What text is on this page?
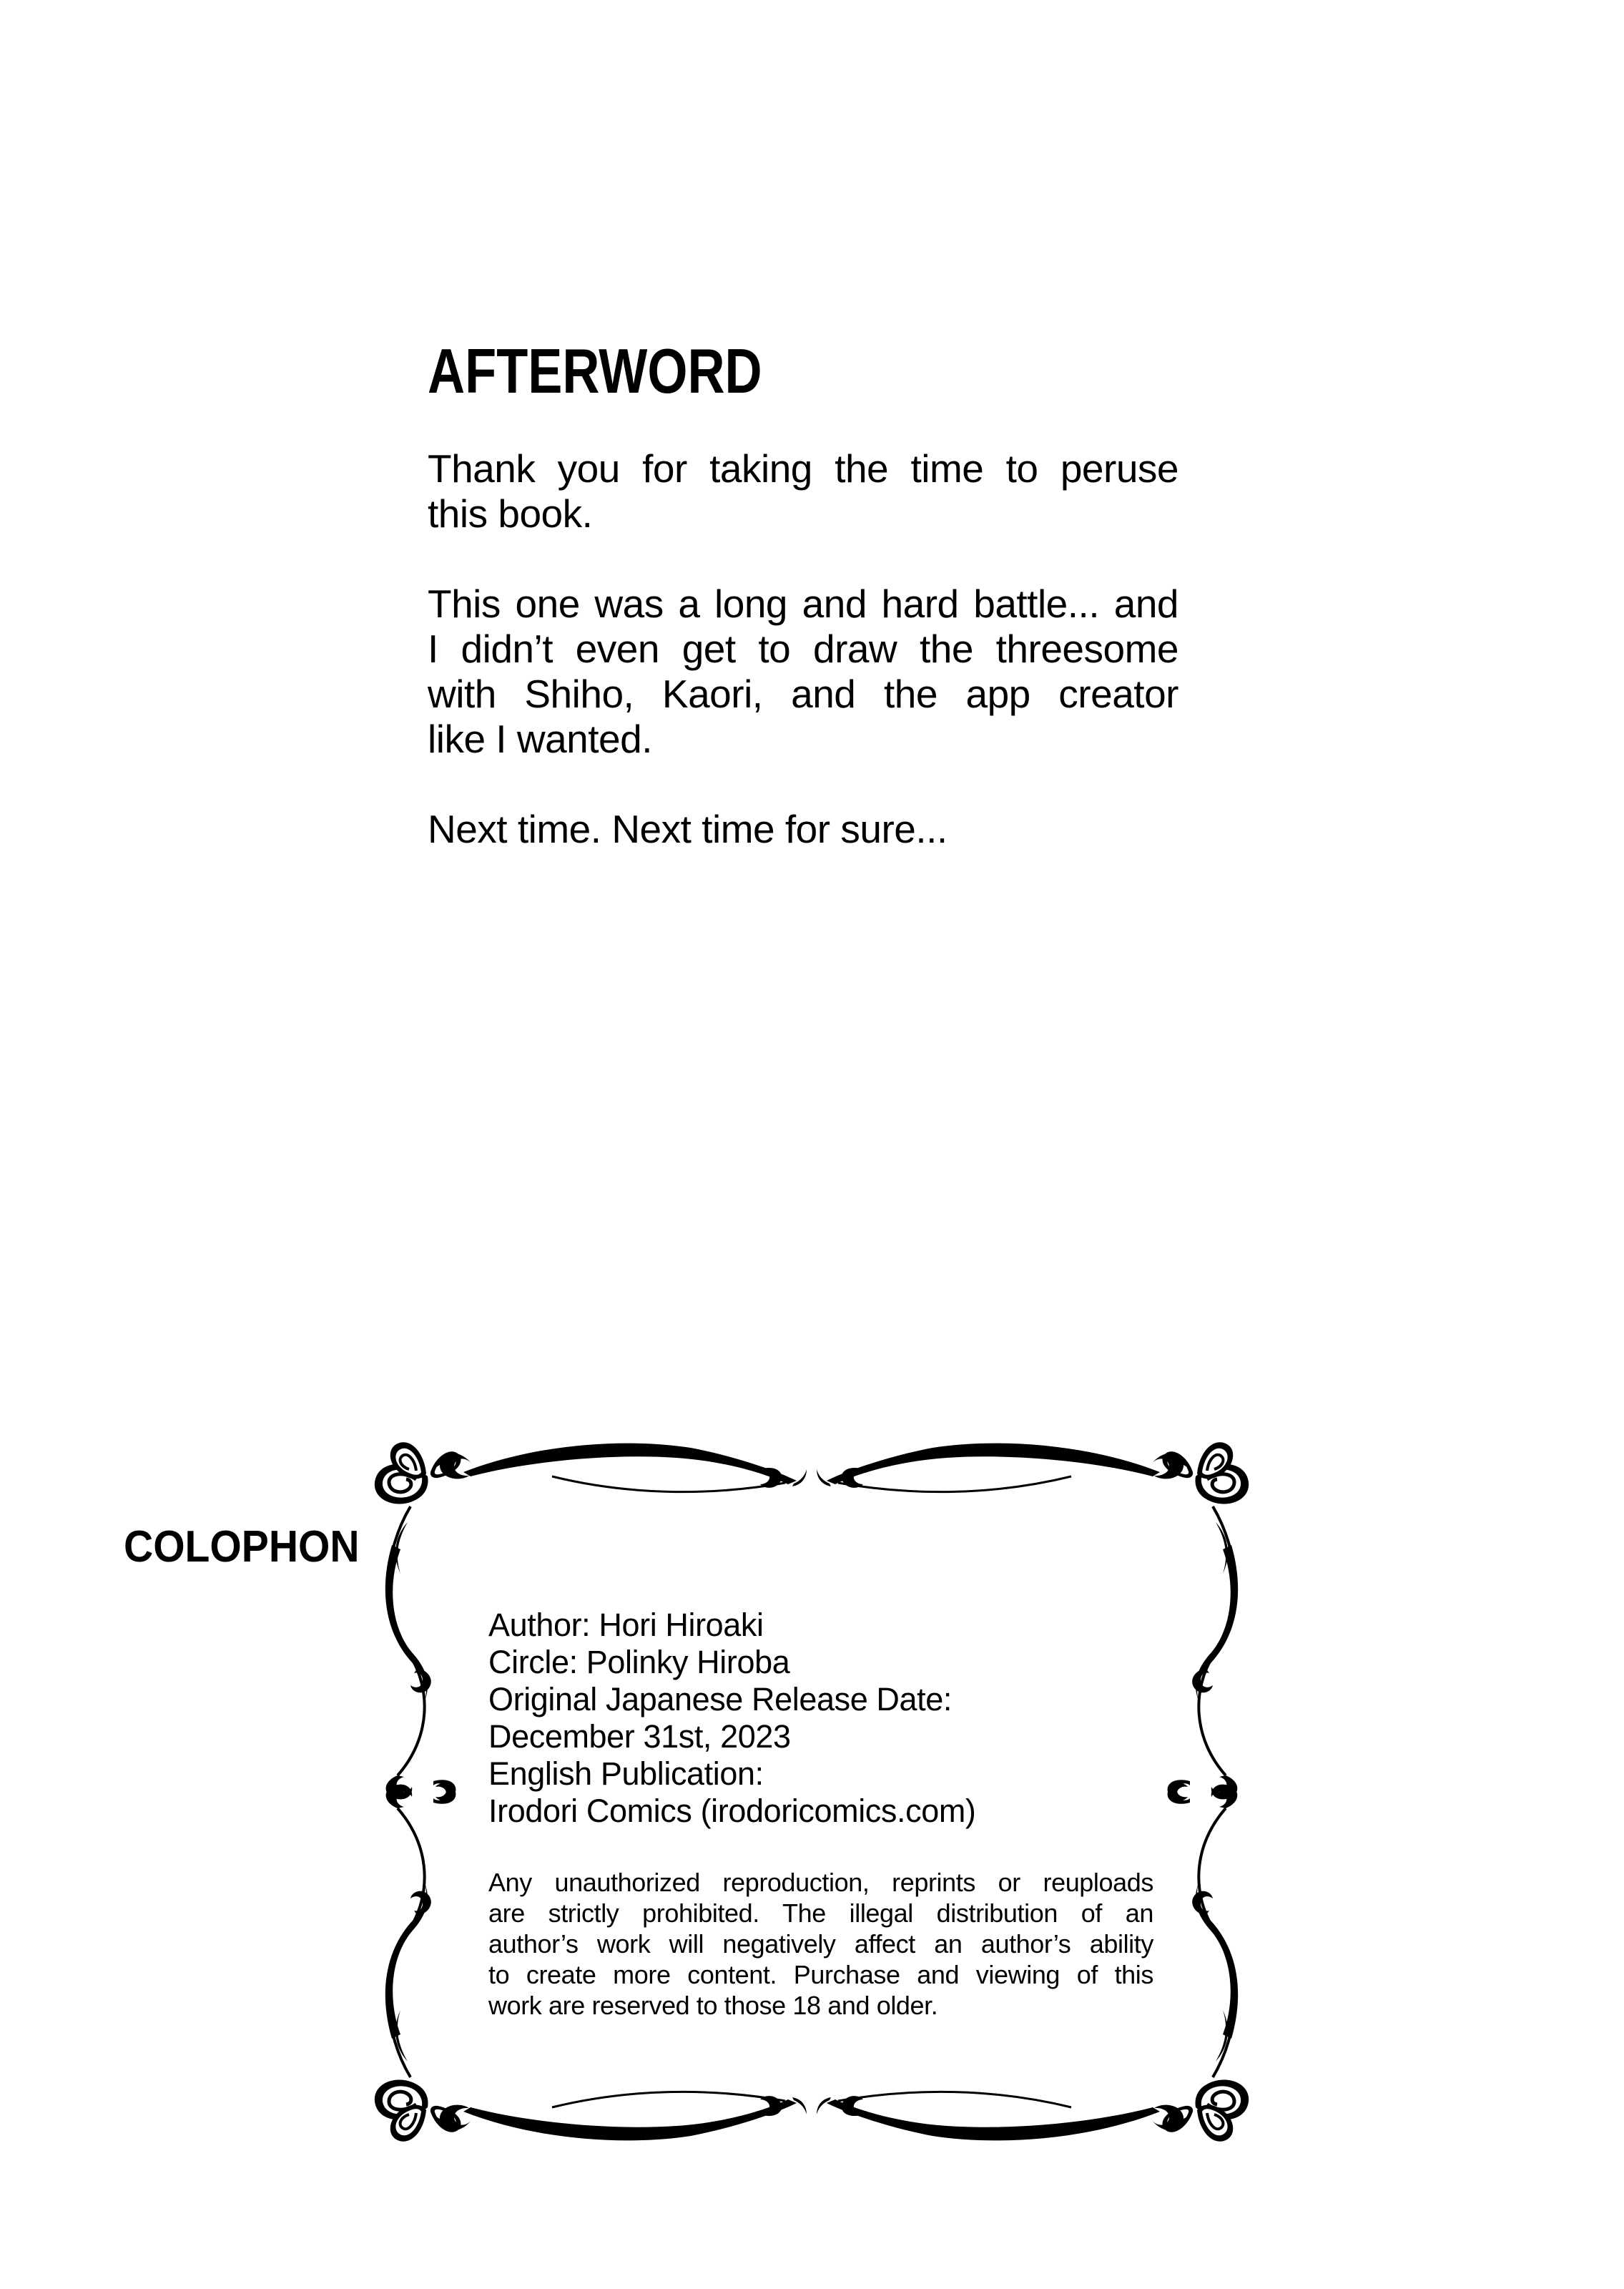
AFTERWORD

Thank you for taking the time to peruse
this book.

This one was a long and hard battle... and
I didn’t even get to draw the threesome
with Shiho, Kaori, and the app creator
like I wanted.

Next time. Next time for sure...

COLOPHON
Author: Hori Hiroaki
Circle: Polinky Hiroba
Original Japanese Release Date:
December 31st, 2023
English Publication:
Irodori Comics (irodoricomics.com)
Any unauthorized reproduction, reprints or reuploads
are strictly prohibited. The illegal distribution of an
author’s work will negatively affect an author’s ability
to create more content. Purchase and viewing of this
work are reserved to those 18 and older.
